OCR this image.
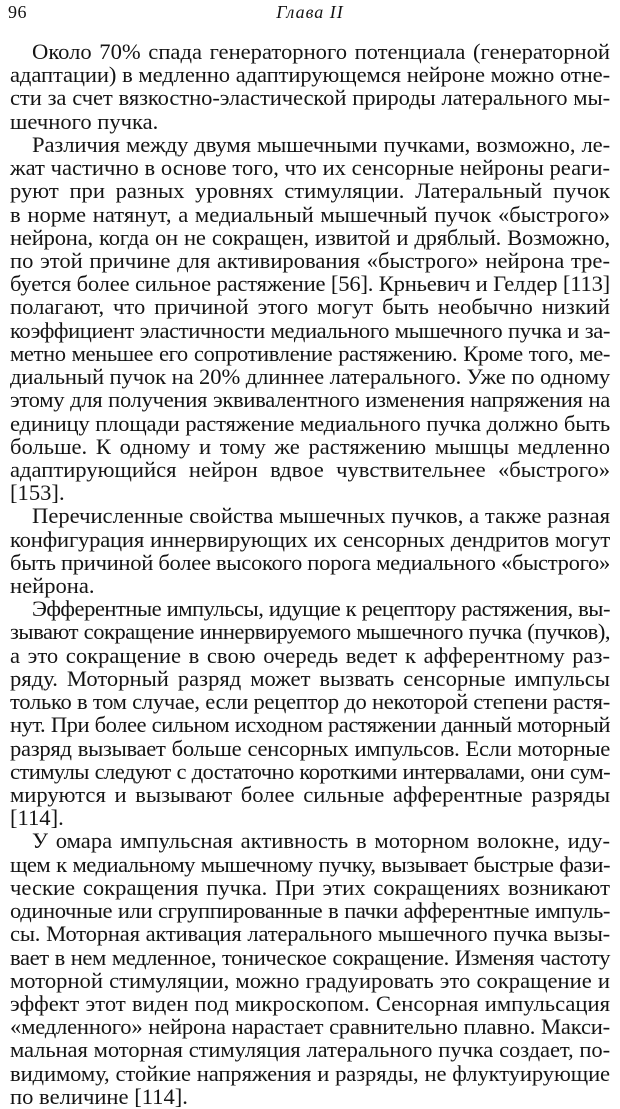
96	Глава II

Около 70% спада генераторного потенциала (генераторной
адаптации) в медленно адаптирующемся нейроне можно отне-
сти за счет вязкостно-эластической природы латерального мы-
шечного пучка.

Различия между двумя мышечными пучками, возможно, ле-
жат частично в основе того, что их сенсорные нейроны реаги-
руют при разных уровнях стимуляции. Латеральный пучок
в норме натянут, а медиальный мышечный пучок «быстрого»
нейрона, когда он не сокращен, извитой и дряблый. Возможно,
по этой причине для активирования «быстрого» нейрона тре-
буется более сильное растяжение [56]. Крньевич и Гелдер [113]
полагают, что причиной этого могут быть необычно низкий
коэффициент эластичности медиального мышечного пучка и за-
метно меньшее его сопротивление растяжению. Кроме того, ме-
диальный пучок на 20% длиннее латерального. Уже по одному
этому для получения эквивалентного изменения напряжения на
единицу площади растяжение медиального пучка должно быть
больше. К одному и тому же растяжению мышцы медленно
адаптирующийся нейрон вдвое чувствительнее «быстрого»
[153].

Перечисленные свойства мышечных пучков, а также разная
конфигурация иннервирующих их сенсорных дендритов могут
быть причиной более высокого порога медиального «быстрого»
нейрона.

Эфферентные импульсы, идущие к рецептору растяжения, вы-
зывают сокращение иннервируемого мышечного пучка (пучков),
а это сокращение в свою очередь ведет к афферентному раз-
ряду. Моторный разряд может вызвать сенсорные импульсы
только в том случае, если рецептор до некоторой степени растя-
нут. При более сильном исходном растяжении данный моторный
разряд вызывает больше сенсорных импульсов. Если моторные
стимулы следуют с достаточно короткими интервалами, они сум-
мируются и вызывают более сильные афферентные разряды
[114].

У омара импульсная активность в моторном волокне, иду-
щем к медиальному мышечному пучку, вызывает быстрые фази-
ческие сокращения пучка. При этих сокращениях возникают
одиночные или сгруппированные в пачки афферентные импуль-
сы. Моторная активация латерального мышечного пучка вызы-
вает в нем медленное, тоническое сокращение. Изменяя частоту
моторной стимуляции, можно градуировать это сокращение и
эффект этот виден под микроскопом. Сенсорная импульсация
«медленного» нейрона нарастает сравнительно плавно. Макси-
мальная моторная стимуляция латерального пучка создает, по-
видимому, стойкие напряжения и разряды, не флуктуирующие
по величине [114].
